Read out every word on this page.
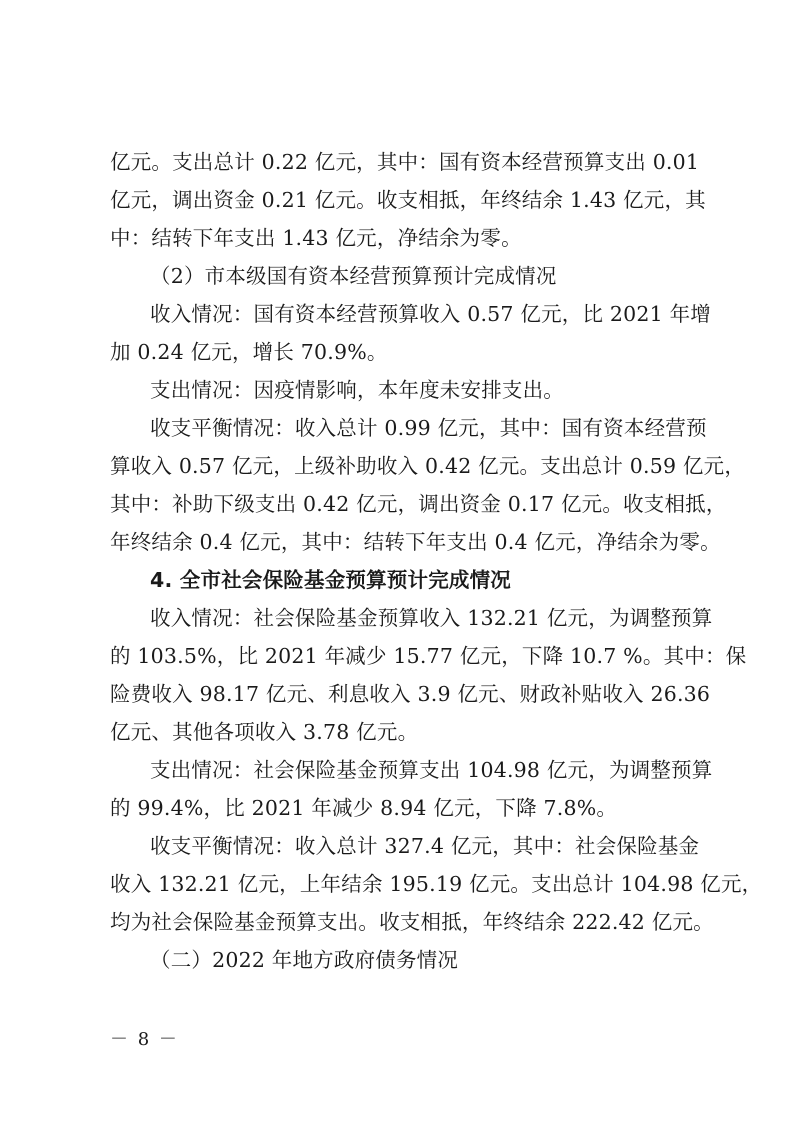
亿元。支出总计 0.22 亿元，其中：国有资本经营预算支出 0.01
亿元，调出资金 0.21 亿元。收支相抵，年终结余 1.43 亿元，其
中：结转下年支出 1.43 亿元，净结余为零。
（2）市本级国有资本经营预算预计完成情况
收入情况：国有资本经营预算收入 0.57 亿元，比 2021 年增
加 0.24 亿元，增长 70.9%。
支出情况：因疫情影响，本年度未安排支出。
收支平衡情况：收入总计 0.99 亿元，其中：国有资本经营预
算收入 0.57 亿元，上级补助收入 0.42 亿元。支出总计 0.59 亿元，
其中：补助下级支出 0.42 亿元，调出资金 0.17 亿元。收支相抵，
年终结余 0.4 亿元，其中：结转下年支出 0.4 亿元，净结余为零。
4. 全市社会保险基金预算预计完成情况
收入情况：社会保险基金预算收入 132.21 亿元，为调整预算
的 103.5%，比 2021 年减少 15.77 亿元，下降 10.7 %。其中：保
险费收入 98.17 亿元、利息收入 3.9 亿元、财政补贴收入 26.36
亿元、其他各项收入 3.78 亿元。
支出情况：社会保险基金预算支出 104.98 亿元，为调整预算
的 99.4%，比 2021 年减少 8.94 亿元，下降 7.8%。
收支平衡情况：收入总计 327.4 亿元，其中：社会保险基金
收入 132.21 亿元，上年结余 195.19 亿元。支出总计 104.98 亿元，
均为社会保险基金预算支出。收支相抵，年终结余 222.42 亿元。
（二）2022 年地方政府债务情况
－ 8 －
